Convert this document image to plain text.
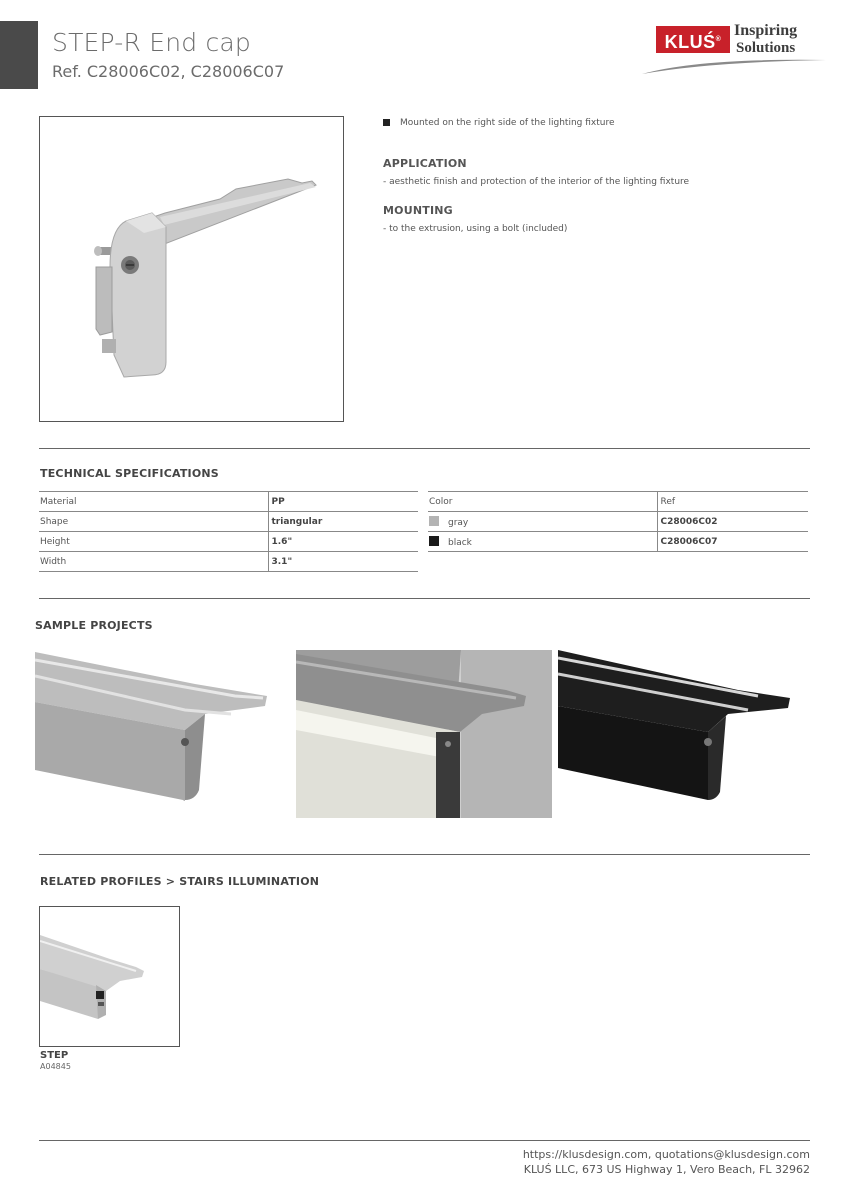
STEP-R End cap
Ref. C28006C02, C28006C07
KLUŚ®
Inspiring
Solutions
Mounted on the right side of the lighting fixture
APPLICATION
- aesthetic finish and protection of the interior of the lighting fixture
MOUNTING
- to the extrusion, using a bolt (included)
TECHNICAL SPECIFICATIONS
Material	PP
Shape	triangular
Height	1.6"
Width	3.1"
Color	Ref
gray	C28006C02
black	C28006C07
SAMPLE PROJECTS
RELATED PROFILES > STAIRS ILLUMINATION
STEP
A04845
https://klusdesign.com, quotations@klusdesign.com
KLUŚ LLC, 673 US Highway 1, Vero Beach, FL 32962
